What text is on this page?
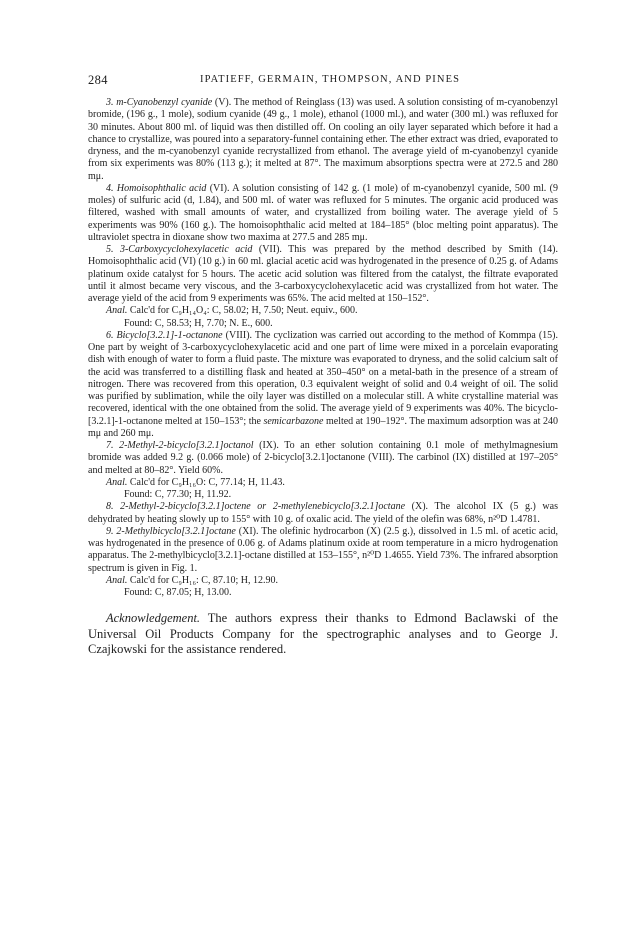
284	IPATIEFF, GERMAIN, THOMPSON, AND PINES

3. m-Cyanobenzyl cyanide (V). The method of Reinglass (13) was used. A solution consisting of m-cyanobenzyl bromide, (196 g., 1 mole), sodium cyanide (49 g., 1 mole), ethanol (1000 ml.), and water (300 ml.) was refluxed for 30 minutes. About 800 ml. of liquid was then distilled off. On cooling an oily layer separated which before it had a chance to crystallize, was poured into a separatory-funnel containing ether. The ether extract was dried, evaporated to dryness, and the m-cyanobenzyl cyanide recrystallized from ethanol. The average yield of m-cyanobenzyl cyanide from six experiments was 80% (113 g.); it melted at 87°. The maximum absorptions spectra were at 272.5 and 280 mμ.

4. Homoisophthalic acid (VI). A solution consisting of 142 g. (1 mole) of m-cyanobenzyl cyanide, 500 ml. (9 moles) of sulfuric acid (d, 1.84), and 500 ml. of water was refluxed for 5 minutes. The organic acid produced was filtered, washed with small amounts of water, and crystallized from boiling water. The average yield of 5 experiments was 90% (160 g.). The homoisophthalic acid melted at 184–185° (bloc melting point apparatus). The ultraviolet spectra in dioxane show two maxima at 277.5 and 285 mμ.

5. 3-Carboxycyclohexylacetic acid (VII). This was prepared by the method described by Smith (14). Homoisophthalic acid (VI) (10 g.) in 60 ml. glacial acetic acid was hydrogenated in the presence of 0.25 g. of Adams platinum oxide catalyst for 5 hours. The acetic acid solution was filtered from the catalyst, the filtrate evaporated until it almost became very viscous, and the 3-carboxycyclohexylacetic acid was crystallized from hot water. The average yield of the acid from 9 experiments was 65%. The acid melted at 150–152°.

Anal. Calc'd for C₉H₁₄O₄: C, 58.02; H, 7.50; Neut. equiv., 600.

Found: C, 58.53; H, 7.70; N. E., 600.

6. Bicyclo[3.2.1]-1-octanone (VIII). The cyclization was carried out according to the method of Kommpa (15). One part by weight of 3-carboxycyclohexylacetic acid and one part of lime were mixed in a porcelain evaporating dish with enough of water to form a fluid paste. The mixture was evaporated to dryness, and the solid calcium salt of the acid was transferred to a distilling flask and heated at 350–450° on a metal-bath in the presence of a stream of nitrogen. There was recovered from this operation, 0.3 equivalent weight of solid and 0.4 weight of oil. The solid was purified by sublimation, while the oily layer was distilled on a molecular still. A white crystalline material was recovered, identical with the one obtained from the solid. The average yield of 9 experiments was 40%. The bicyclo-[3.2.1]-1-octanone melted at 150–153°; the semicarbazone melted at 190–192°. The maximum adsorption was at 240 mμ and 260 mμ.

7. 2-Methyl-2-bicyclo[3.2.1]octanol (IX). To an ether solution containing 0.1 mole of methylmagnesium bromide was added 9.2 g. (0.066 mole) of 2-bicyclo[3.2.1]octanone (VIII). The carbinol (IX) distilled at 197–205° and melted at 80–82°. Yield 60%.

Anal. Calc'd for C₉H₁₆O: C, 77.14; H, 11.43.

Found: C, 77.30; H, 11.92.

8. 2-Methyl-2-bicyclo[3.2.1]octene or 2-methylenebicyclo[3.2.1]octane (X). The alcohol IX (5 g.) was dehydrated by heating slowly up to 155° with 10 g. of oxalic acid. The yield of the olefin was 68%, n²⁰D 1.4781.

9. 2-Methylbicyclo[3.2.1]octane (XI). The olefinic hydrocarbon (X) (2.5 g.), dissolved in 1.5 ml. of acetic acid, was hydrogenated in the presence of 0.06 g. of Adams platinum oxide at room temperature in a micro hydrogenation apparatus. The 2-methylbicyclo[3.2.1]-octane distilled at 153–155°, n²⁰D 1.4655. Yield 73%. The infrared absorption spectrum is given in Fig. 1.

Anal. Calc'd for C₉H₁₆: C, 87.10; H, 12.90.

Found: C, 87.05; H, 13.00.

Acknowledgement. The authors express their thanks to Edmond Baclawski of the Universal Oil Products Company for the spectrographic analyses and to George J. Czajkowski for the assistance rendered.
